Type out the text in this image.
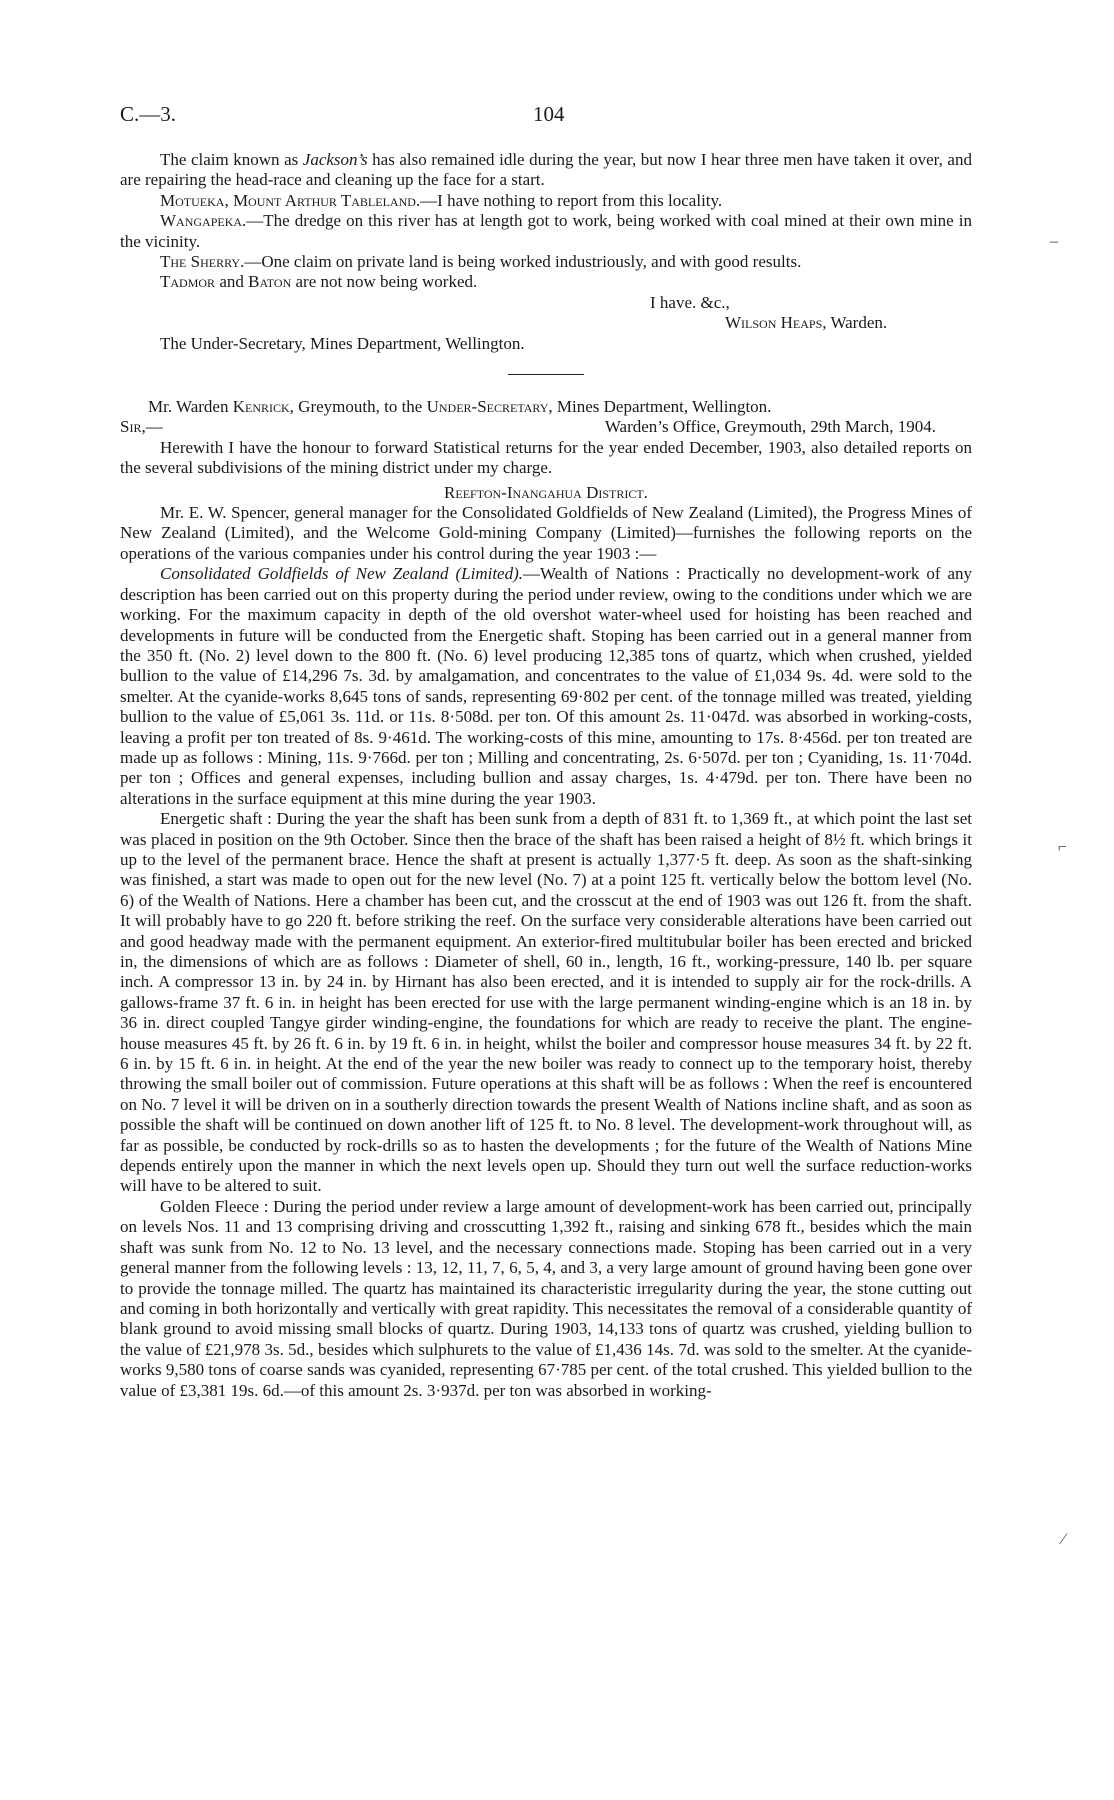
C.—3.	104

The claim known as Jackson’s has also remained idle during the year, but now I hear three men have taken it over, and are repairing the head-race and cleaning up the face for a start.

Motueka, Mount Arthur Tableland.—I have nothing to report from this locality.

Wangapeka.—The dredge on this river has at length got to work, being worked with coal mined at their own mine in the vicinity.

The Sherry.—One claim on private land is being worked industriously, and with good results.

Tadmor and Baton are not now being worked.

I have. &c.,

Wilson Heaps, Warden.

The Under-Secretary, Mines Department, Wellington.

Mr. Warden Kenrick, Greymouth, to the Under-Secretary, Mines Department, Wellington.

Sir,—	Warden’s Office, Greymouth, 29th March, 1904.

Herewith I have the honour to forward Statistical returns for the year ended December, 1903, also detailed reports on the several subdivisions of the mining district under my charge.

Reefton-Inangahua District.

Mr. E. W. Spencer, general manager for the Consolidated Goldfields of New Zealand (Limited), the Progress Mines of New Zealand (Limited), and the Welcome Gold-mining Company (Limited)—furnishes the following reports on the operations of the various companies under his control during the year 1903 :—

Consolidated Goldfields of New Zealand (Limited).—Wealth of Nations : Practically no development-work of any description has been carried out on this property during the period under review, owing to the conditions under which we are working. For the maximum capacity in depth of the old overshot water-wheel used for hoisting has been reached and developments in future will be conducted from the Energetic shaft. Stoping has been carried out in a general manner from the 350 ft. (No. 2) level down to the 800 ft. (No. 6) level producing 12,385 tons of quartz, which when crushed, yielded bullion to the value of £14,296 7s. 3d. by amalgamation, and concentrates to the value of £1,034 9s. 4d. were sold to the smelter. At the cyanide-works 8,645 tons of sands, representing 69·802 per cent. of the tonnage milled was treated, yielding bullion to the value of £5,061 3s. 11d. or 11s. 8·508d. per ton. Of this amount 2s. 11·047d. was absorbed in working-costs, leaving a profit per ton treated of 8s. 9·461d. The working-costs of this mine, amounting to 17s. 8·456d. per ton treated are made up as follows : Mining, 11s. 9·766d. per ton ; Milling and concentrating, 2s. 6·507d. per ton ; Cyaniding, 1s. 11·704d. per ton ; Offices and general expenses, including bullion and assay charges, 1s. 4·479d. per ton. There have been no alterations in the surface equipment at this mine during the year 1903.

Energetic shaft : During the year the shaft has been sunk from a depth of 831 ft. to 1,369 ft., at which point the last set was placed in position on the 9th October. Since then the brace of the shaft has been raised a height of 8½ ft. which brings it up to the level of the permanent brace. Hence the shaft at present is actually 1,377·5 ft. deep. As soon as the shaft-sinking was finished, a start was made to open out for the new level (No. 7) at a point 125 ft. vertically below the bottom level (No. 6) of the Wealth of Nations. Here a chamber has been cut, and the crosscut at the end of 1903 was out 126 ft. from the shaft. It will probably have to go 220 ft. before striking the reef. On the surface very considerable alterations have been carried out and good headway made with the permanent equipment. An exterior-fired multitubular boiler has been erected and bricked in, the dimensions of which are as follows : Diameter of shell, 60 in., length, 16 ft., working-pressure, 140 lb. per square inch. A compressor 13 in. by 24 in. by Hirnant has also been erected, and it is intended to supply air for the rock-drills. A gallows-frame 37 ft. 6 in. in height has been erected for use with the large permanent winding-engine which is an 18 in. by 36 in. direct coupled Tangye girder winding-engine, the foundations for which are ready to receive the plant. The engine-house measures 45 ft. by 26 ft. 6 in. by 19 ft. 6 in. in height, whilst the boiler and compressor house measures 34 ft. by 22 ft. 6 in. by 15 ft. 6 in. in height. At the end of the year the new boiler was ready to connect up to the temporary hoist, thereby throwing the small boiler out of commission. Future operations at this shaft will be as follows : When the reef is encountered on No. 7 level it will be driven on in a southerly direction towards the present Wealth of Nations incline shaft, and as soon as possible the shaft will be continued on down another lift of 125 ft. to No. 8 level. The development-work throughout will, as far as possible, be conducted by rock-drills so as to hasten the developments ; for the future of the Wealth of Nations Mine depends entirely upon the manner in which the next levels open up. Should they turn out well the surface reduction-works will have to be altered to suit.

Golden Fleece : During the period under review a large amount of development-work has been carried out, principally on levels Nos. 11 and 13 comprising driving and crosscutting 1,392 ft., raising and sinking 678 ft., besides which the main shaft was sunk from No. 12 to No. 13 level, and the necessary connections made. Stoping has been carried out in a very general manner from the following levels : 13, 12, 11, 7, 6, 5, 4, and 3, a very large amount of ground having been gone over to provide the tonnage milled. The quartz has maintained its characteristic irregularity during the year, the stone cutting out and coming in both horizontally and vertically with great rapidity. This necessitates the removal of a considerable quantity of blank ground to avoid missing small blocks of quartz. During 1903, 14,133 tons of quartz was crushed, yielding bullion to the value of £21,978 3s. 5d., besides which sulphurets to the value of £1,436 14s. 7d. was sold to the smelter. At the cyanide-works 9,580 tons of coarse sands was cyanided, representing 67·785 per cent. of the total crushed. This yielded bullion to the value of £3,381 19s. 6d.—of this amount 2s. 3·937d. per ton was absorbed in working-

–
⌐
⁄
